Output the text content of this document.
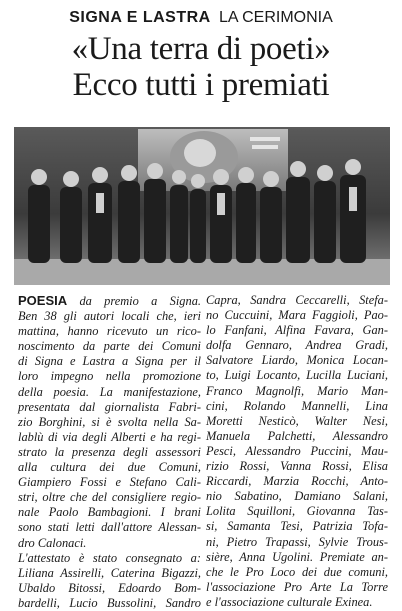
SIGNA E LASTRA LA CERIMONIA
«Una terra di poeti»
Ecco tutti i premiati
POESIA da premio a Signa.
Ben 38 gli autori locali che, ieri
mattina, hanno ricevuto un rico-
noscimento da parte dei Comuni
di Signa e Lastra a Signa per il
loro impegno nella promozione
della poesia. La manifestazione,
presentata dal giornalista Fabri-
zio Borghini, si è svolta nella Sa-
lablù di via degli Alberti e ha regi-
strato la presenza degli assessori
alla cultura dei due Comuni,
Giampiero Fossi e Stefano Cali-
stri, oltre che del consigliere regio-
nale Paolo Bambagioni. I brani
sono stati letti dall'attore Alessan-
dro Calonaci.
L'attestato è stato consegnato a:
Liliana Assirelli, Caterina Bigazzi,
Ubaldo Bitossi, Edoardo Bom-
bardelli, Lucio Bussolini, Sandro
Capra, Sandra Ceccarelli, Stefa-
no Cuccuini, Mara Faggioli, Pao-
lo Fanfani, Alfina Favara, Gan-
dolfa Gennaro, Andrea Gradi,
Salvatore Liardo, Monica Locan-
to, Luigi Locanto, Lucilla Luciani,
Franco Magnolfi, Mario Man-
cini, Rolando Mannelli, Lina
Moretti Nesticò, Walter Nesi,
Manuela Palchetti, Alessandro
Pesci, Alessandro Puccini, Mau-
rizio Rossi, Vanna Rossi, Elisa
Riccardi, Marzia Rocchi, Anto-
nio Sabatino, Damiano Salani,
Lolita Squilloni, Giovanna Tas-
si, Samanta Tesi, Patrizia Tofa-
ni, Pietro Trapassi, Sylvie Trous-
sière, Anna Ugolini. Premiate an-
che le Pro Loco dei due comuni,
l'associazione Pro Arte La Torre
e l'associazione culturale Exinea.
